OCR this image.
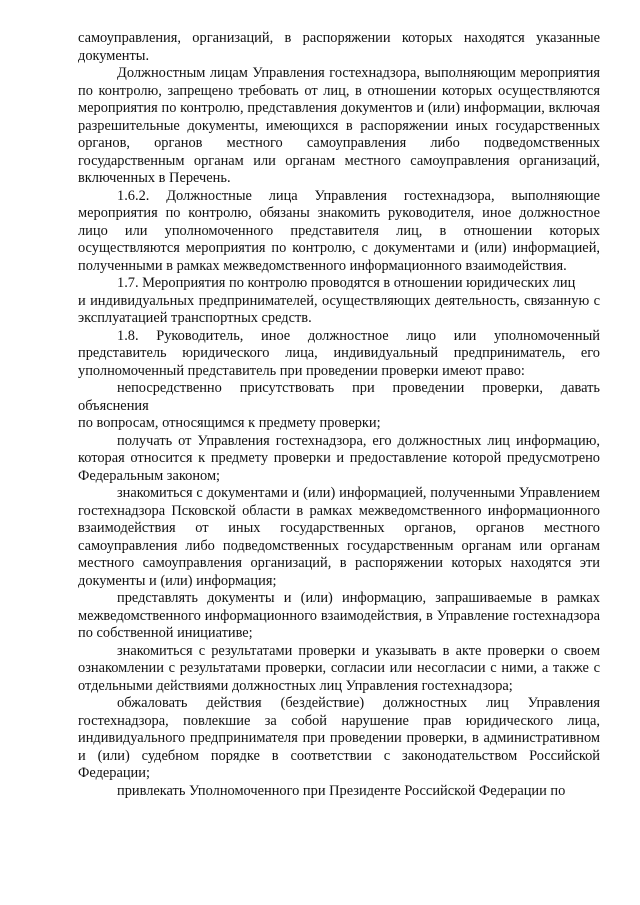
самоуправления, организаций, в распоряжении которых находятся указанные документы.

Должностным лицам Управления гостехнадзора, выполняющим мероприятия по контролю, запрещено требовать от лиц, в отношении которых осуществляются мероприятия по контролю, представления документов и (или) информации, включая разрешительные документы, имеющихся в распоряжении иных государственных органов, органов местного самоуправления либо подведомственных государственным органам или органам местного самоуправления организаций, включенных в Перечень.

1.6.2. Должностные лица Управления гостехнадзора, выполняющие мероприятия по контролю, обязаны знакомить руководителя, иное должностное лицо или уполномоченного представителя лиц, в отношении которых осуществляются мероприятия по контролю, с документами и (или) информацией, полученными в рамках межведомственного информационного взаимодействия.

1.7. Мероприятия по контролю проводятся в отношении юридических лиц

и индивидуальных предпринимателей, осуществляющих деятельность, связанную с эксплуатацией транспортных средств.

1.8. Руководитель, иное должностное лицо или уполномоченный представитель юридического лица, индивидуальный предприниматель, его уполномоченный представитель при проведении проверки имеют право:

непосредственно присутствовать при проведении проверки, давать объяснения

по вопросам, относящимся к предмету проверки;

получать от Управления гостехнадзора, его должностных лиц информацию, которая относится к предмету проверки и предоставление которой предусмотрено Федеральным законом;

знакомиться с документами и (или) информацией, полученными Управлением гостехнадзора Псковской области в рамках межведомственного информационного взаимодействия от иных государственных органов, органов местного самоуправления либо подведомственных государственным органам или органам местного самоуправления организаций, в распоряжении которых находятся эти документы и (или) информация;

представлять документы и (или) информацию, запрашиваемые в рамках межведомственного информационного взаимодействия, в Управление гостехнадзора по собственной инициативе;

знакомиться с результатами проверки и указывать в акте проверки о своем ознакомлении с результатами проверки, согласии или несогласии с ними, а также с отдельными действиями должностных лиц Управления гостехнадзора;

обжаловать действия (бездействие) должностных лиц Управления гостехнадзора, повлекшие за собой нарушение прав юридического лица, индивидуального предпринимателя при проведении проверки, в административном и (или) судебном порядке в соответствии с законодательством Российской Федерации;

привлекать Уполномоченного при Президенте Российской Федерации по
